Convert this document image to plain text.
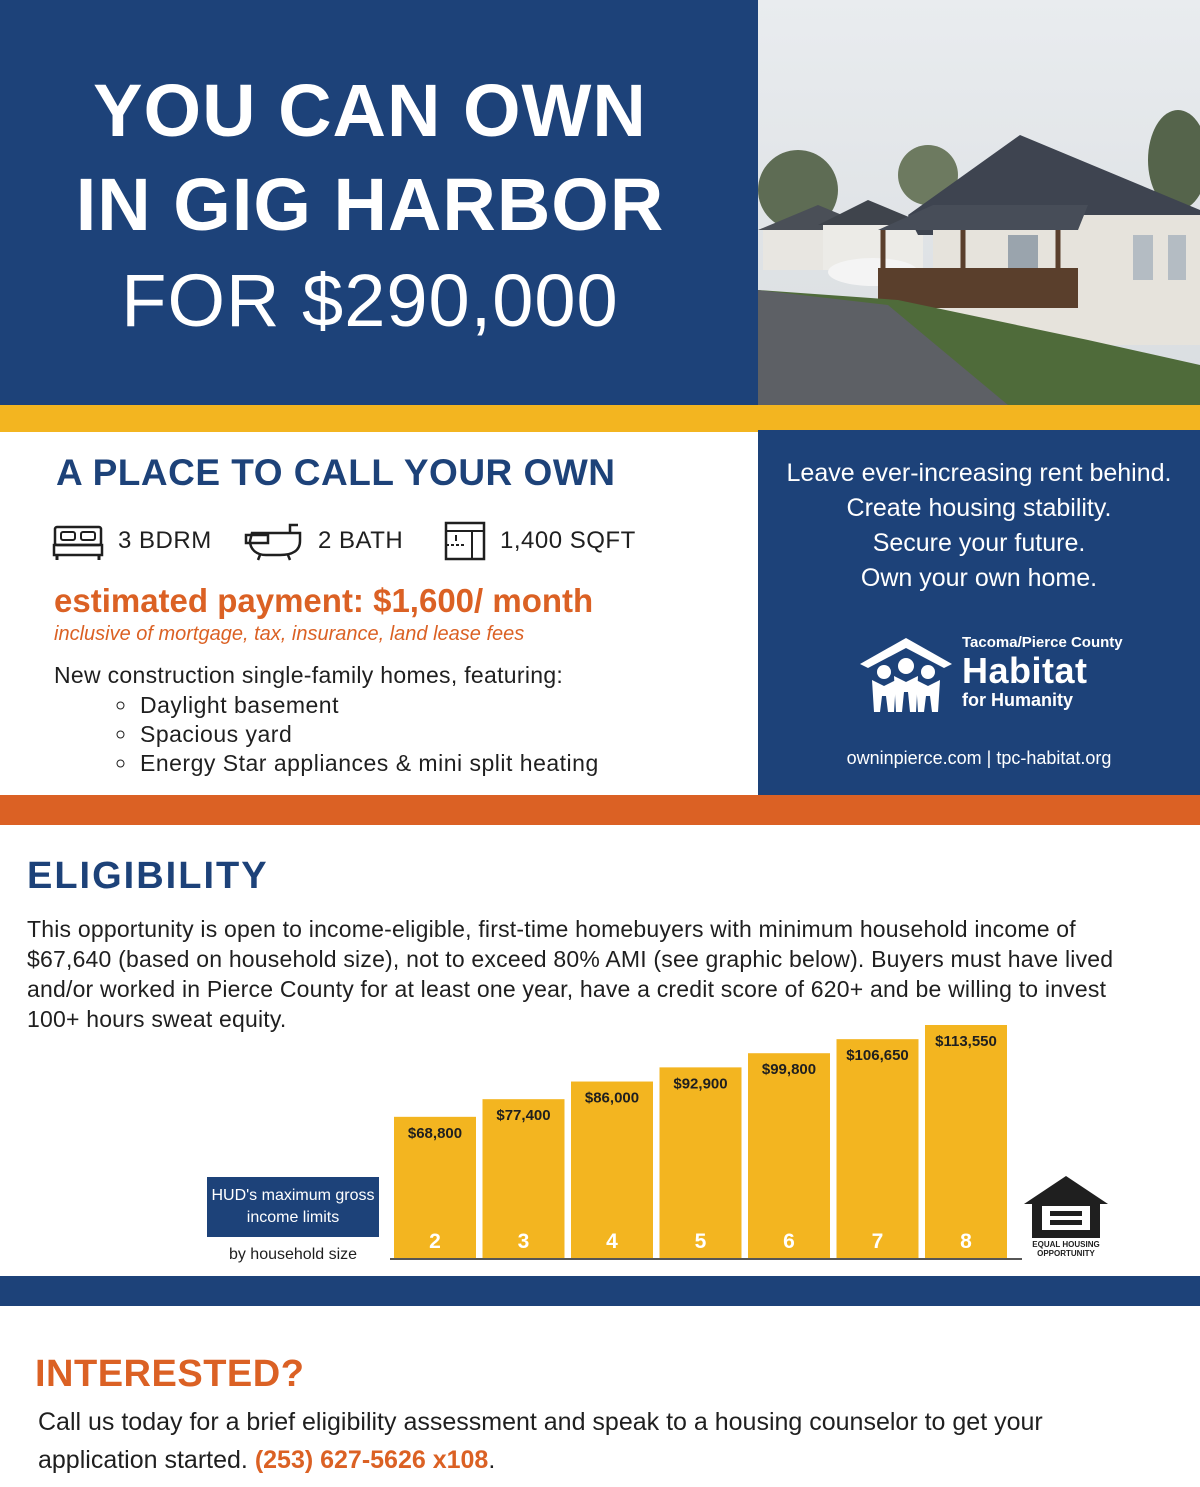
YOU CAN OWN
IN GIG HARBOR
FOR $290,000
A PLACE TO CALL YOUR OWN
3 BDRM	2 BATH	1,400 SQFT
estimated payment: $1,600/ month
inclusive of mortgage, tax, insurance, land lease fees
New construction single-family homes, featuring:
◦ Daylight basement
◦ Spacious yard
◦ Energy Star appliances & mini split heating
Leave ever-increasing rent behind.
Create housing stability.
Secure your future.
Own your own home.
Tacoma/Pierce County
Habitat
for Humanity
owninpierce.com | tpc-habitat.org
ELIGIBILITY
This opportunity is open to income-eligible, first-time homebuyers with minimum household income of $67,640 (based on household size), not to exceed 80% AMI (see graphic below). Buyers must have lived and/or worked in Pierce County for at least one year, have a credit score of 620+ and be willing to invest 100+ hours sweat equity.
HUD's maximum gross income limits
by household size
$68,800
2
$77,400
3
$86,000
4
$92,900
5
$99,800
6
$106,650
7
$113,550
8	EQUAL HOUSING
OPPORTUNITY
INTERESTED?
Call us today for a brief eligibility assessment and speak to a housing counselor to get your application started. (253) 627-5626 x108.
